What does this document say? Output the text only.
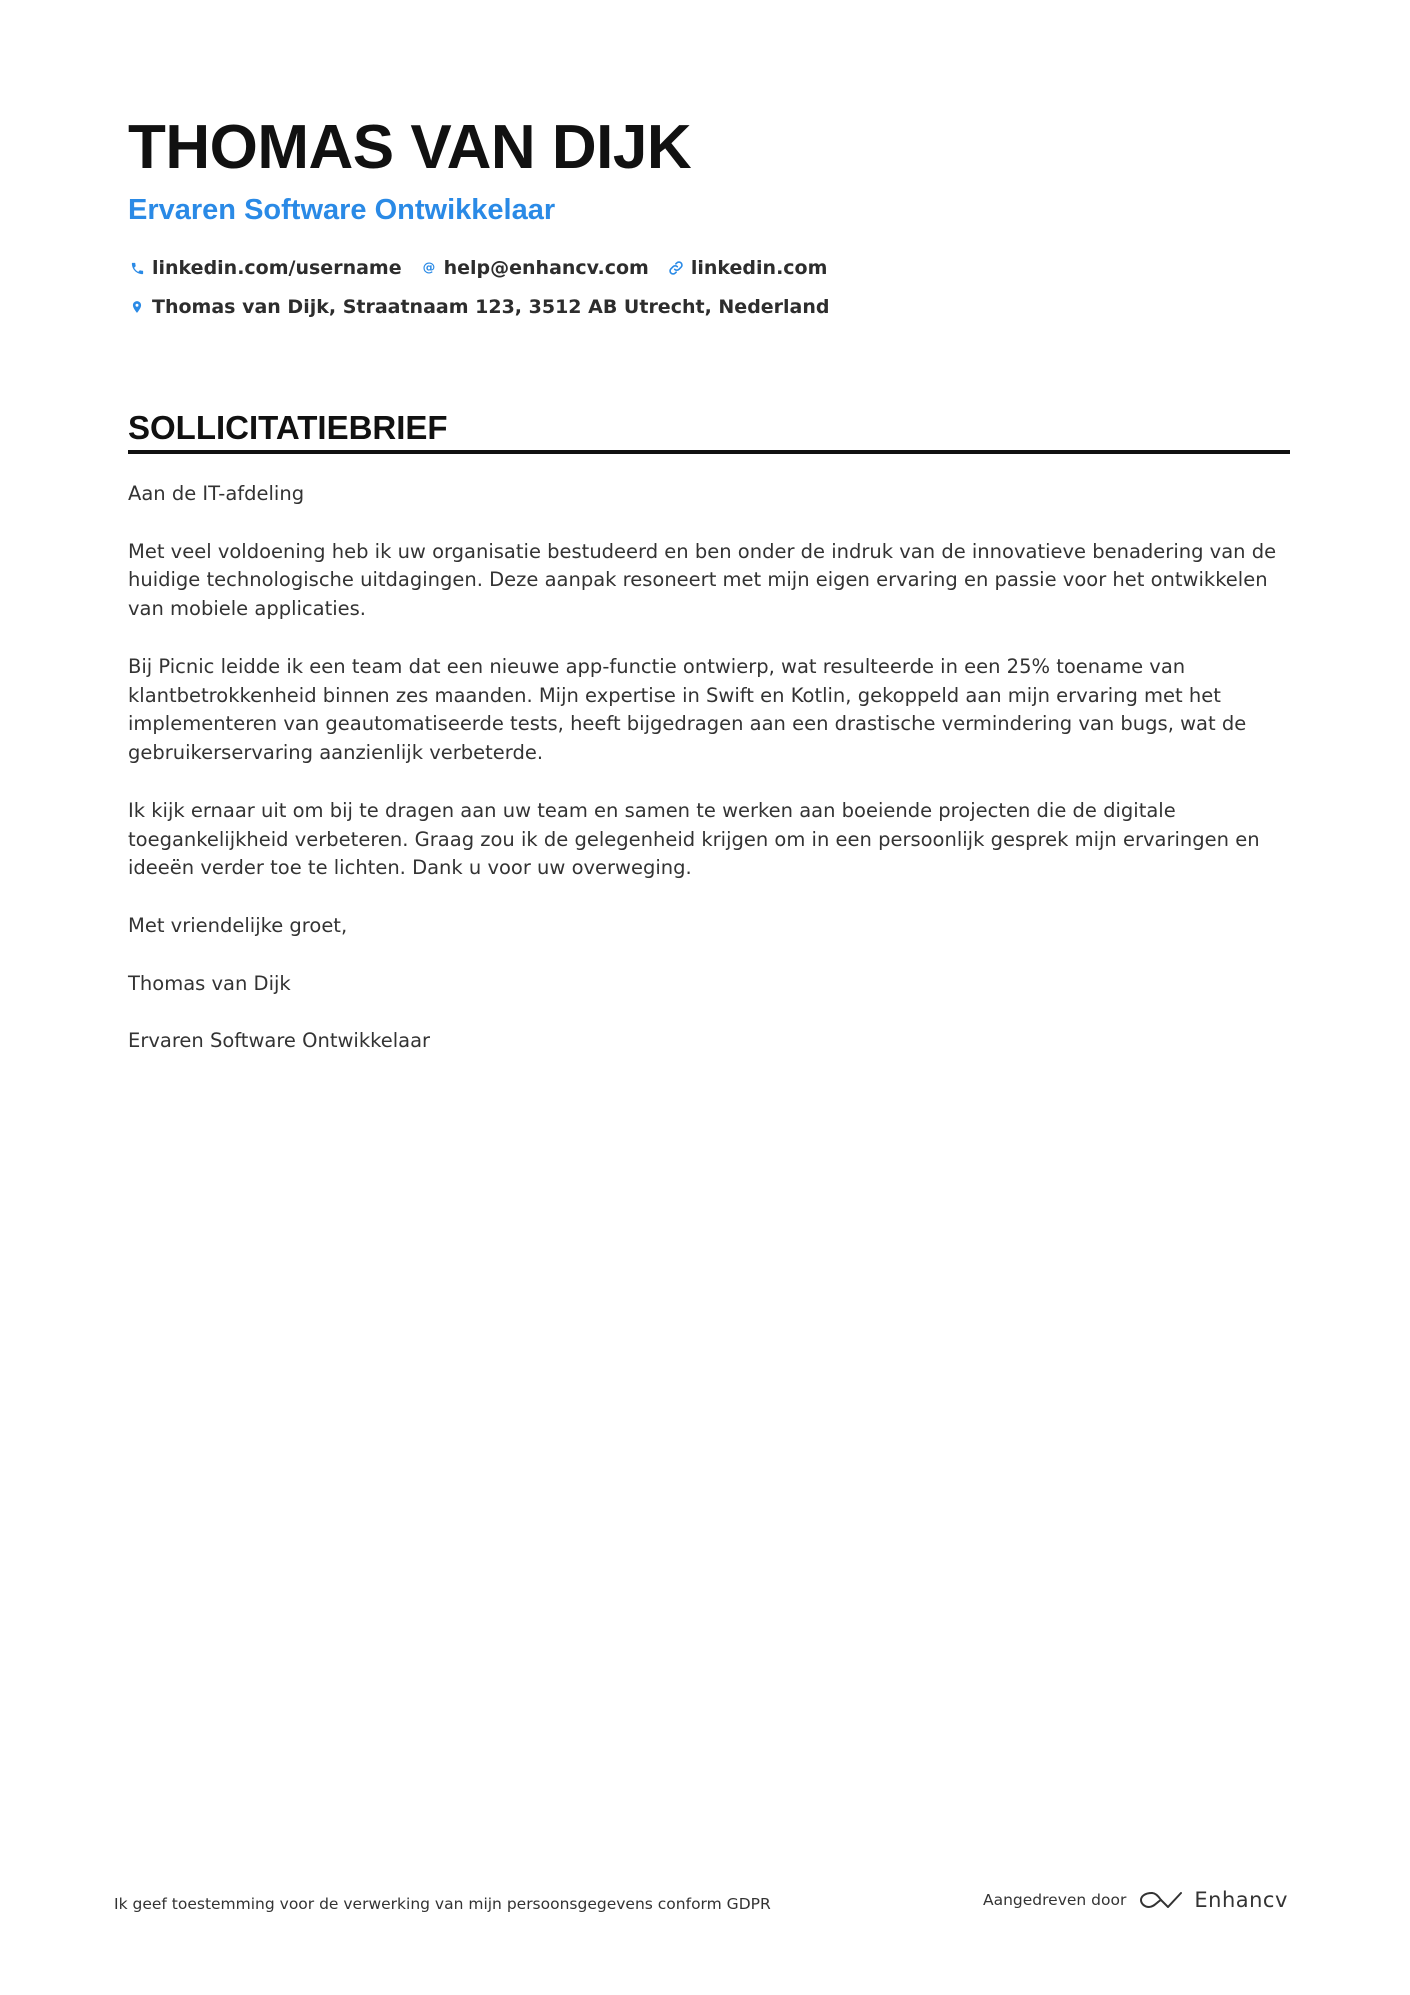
THOMAS VAN DIJK
Ervaren Software Ontwikkelaar
linkedin.com/username @ help@enhancv.com linkedin.com
Thomas van Dijk, Straatnaam 123, 3512 AB Utrecht, Nederland
SOLLICITATIEBRIEF

Aan de IT-afdeling

Met veel voldoening heb ik uw organisatie bestudeerd en ben onder de indruk van de innovatieve benadering van de huidige technologische uitdagingen. Deze aanpak resoneert met mijn eigen ervaring en passie voor het ontwikkelen van mobiele applicaties.

Bij Picnic leidde ik een team dat een nieuwe app-functie ontwierp, wat resulteerde in een 25% toename van klantbetrokkenheid binnen zes maanden. Mijn expertise in Swift en Kotlin, gekoppeld aan mijn ervaring met het implementeren van geautomatiseerde tests, heeft bijgedragen aan een drastische vermindering van bugs, wat de gebruikerservaring aanzienlijk verbeterde.

Ik kijk ernaar uit om bij te dragen aan uw team en samen te werken aan boeiende projecten die de digitale toegankelijkheid verbeteren. Graag zou ik de gelegenheid krijgen om in een persoonlijk gesprek mijn ervaringen en ideeën verder toe te lichten. Dank u voor uw overweging.

Met vriendelijke groet,

Thomas van Dijk

Ervaren Software Ontwikkelaar

Ik geef toestemming voor de verwerking van mijn persoonsgegevens conform GDPR	Aangedreven door	Enhancv
